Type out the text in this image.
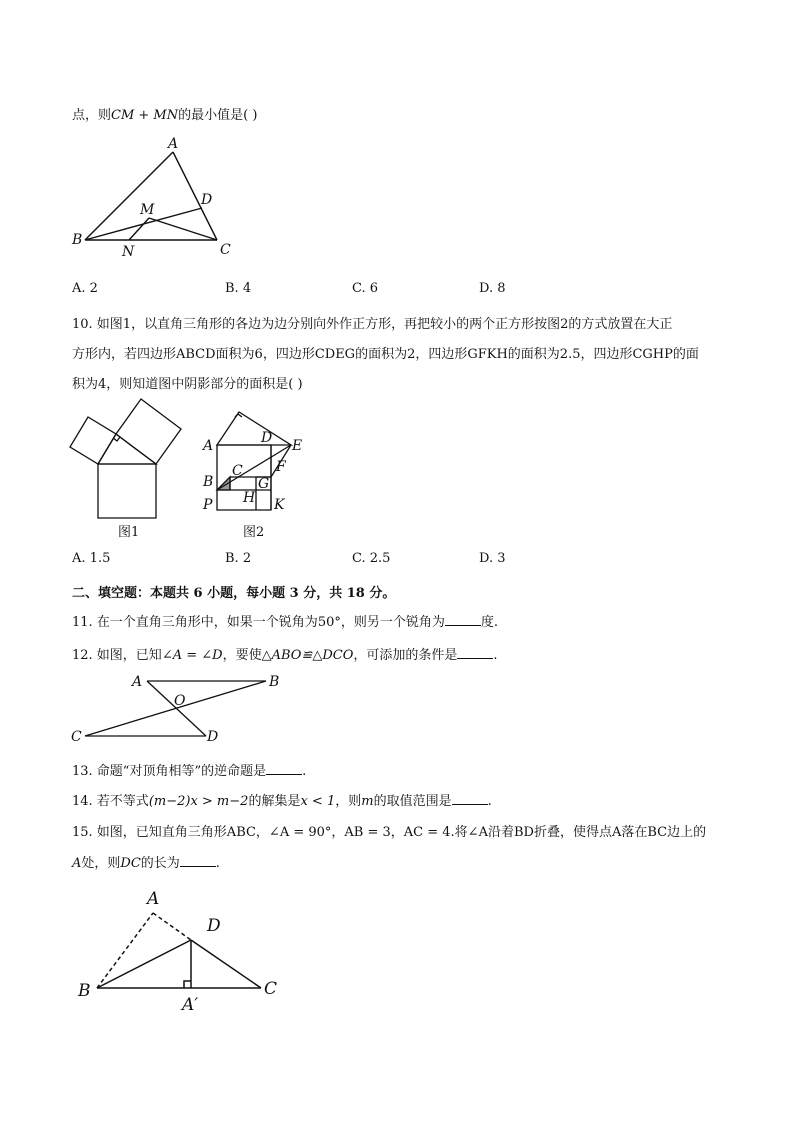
点，则CM + MN的最小值是( )
A
B
C
D
M
N
A. 2	B. 4	C. 6	D. 8
10. 如图1，以直角三角形的各边为边分别向外作正方形，再把较小的两个正方形按图2的方式放置在大正
方形内，若四边形ABCD面积为6，四边形CDEG的面积为2，四边形GFKH的面积为2.5，四边形CGHP的面
积为4，则知道图中阴影部分的面积是( )
图1
A
B
P
C
D E
F
G
H K
图2
A. 1.5	B. 2	C. 2.5	D. 3
二、填空题：本题共 6 小题，每小题 3 分，共 18 分。
11. 在一个直角三角形中，如果一个锐角为50°，则另一个锐角为	度.
12. 如图，已知∠A = ∠D，要使△ABO≌△DCO，可添加的条件是	.
A	B
C	D
O
13. 命题“对顶角相等”的逆命题是	.
14. 若不等式(m−2)x > m−2的解集是x < 1，则m的取值范围是	.
15. 如图，已知直角三角形ABC，∠A = 90°，AB = 3，AC = 4.将∠A沿着BD折叠，使得点A落在BC边上的
A处，则DC的长为	.
A
B	C
D
A′
